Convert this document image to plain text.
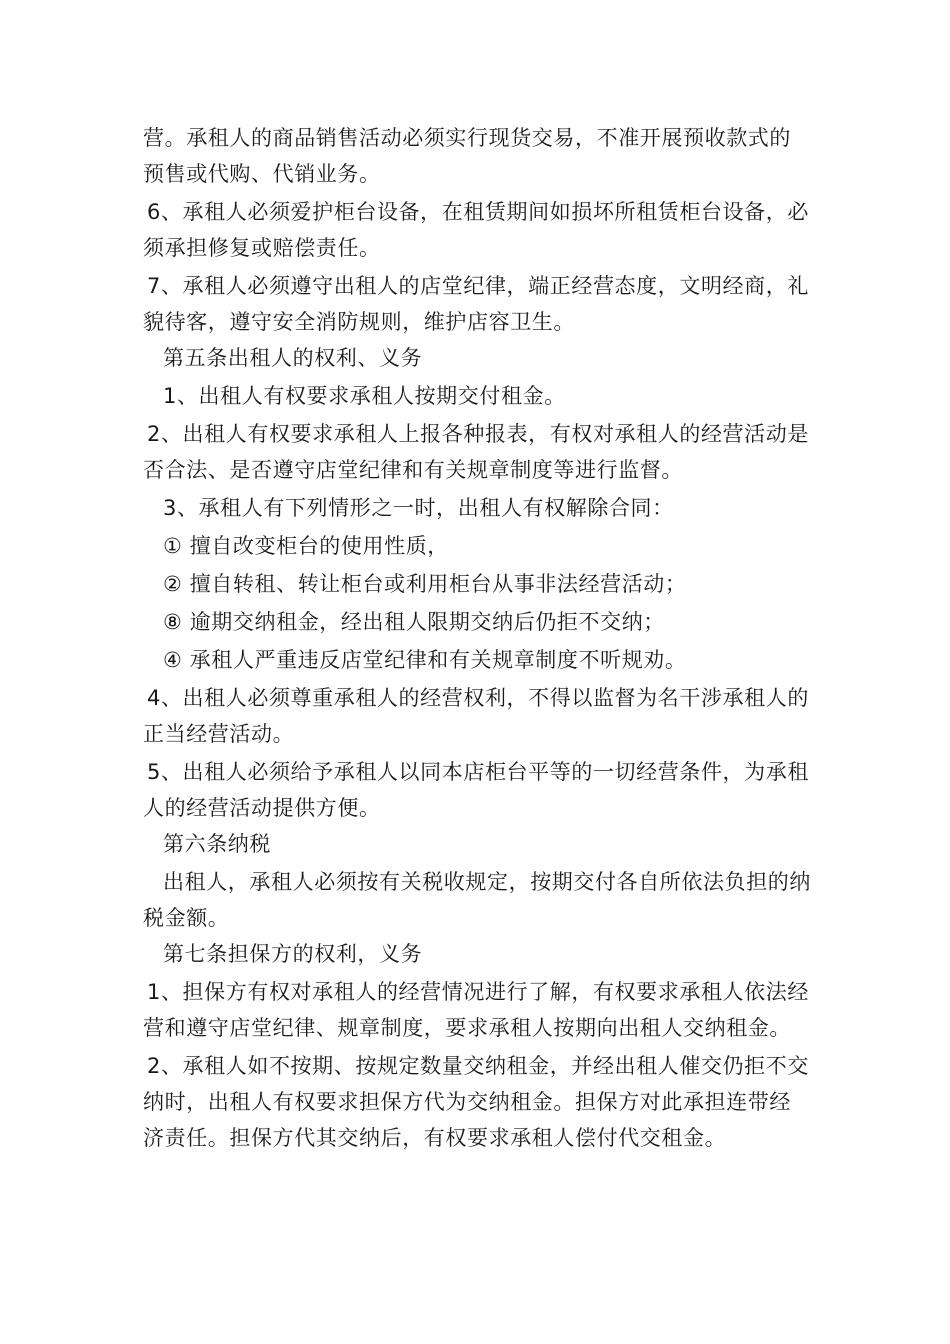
营。承租人的商品销售活动必须实行现货交易，不准开展预收款式的预售或代购、代销业务。

6、承租人必须爱护柜台设备，在租赁期间如损坏所租赁柜台设备，必须承担修复或赔偿责任。

7、承租人必须遵守出租人的店堂纪律，端正经营态度，文明经商，礼貌待客，遵守安全消防规则，维护店容卫生。

第五条出租人的权利、义务

1、出租人有权要求承租人按期交付租金。

2、出租人有权要求承租人上报各种报表，有权对承租人的经营活动是否合法、是否遵守店堂纪律和有关规章制度等进行监督。

3、承租人有下列情形之一时，出租人有权解除合同：

① 擅自改变柜台的使用性质，

② 擅自转租、转让柜台或利用柜台从事非法经营活动；

⑧ 逾期交纳租金，经出租人限期交纳后仍拒不交纳；

④ 承租人严重违反店堂纪律和有关规章制度不听规劝。

4、出租人必须尊重承租人的经营权利，不得以监督为名干涉承租人的正当经营活动。

5、出租人必须给予承租人以同本店柜台平等的一切经营条件，为承租人的经营活动提供方便。

第六条纳税

出租人，承租人必须按有关税收规定，按期交付各自所依法负担的纳税金额。

第七条担保方的权利，义务

1、担保方有权对承租人的经营情况进行了解，有权要求承租人依法经营和遵守店堂纪律、规章制度，要求承租人按期向出租人交纳租金。

2、承租人如不按期、按规定数量交纳租金，并经出租人催交仍拒不交纳时，出租人有权要求担保方代为交纳租金。担保方对此承担连带经济责任。担保方代其交纳后，有权要求承租人偿付代交租金。
